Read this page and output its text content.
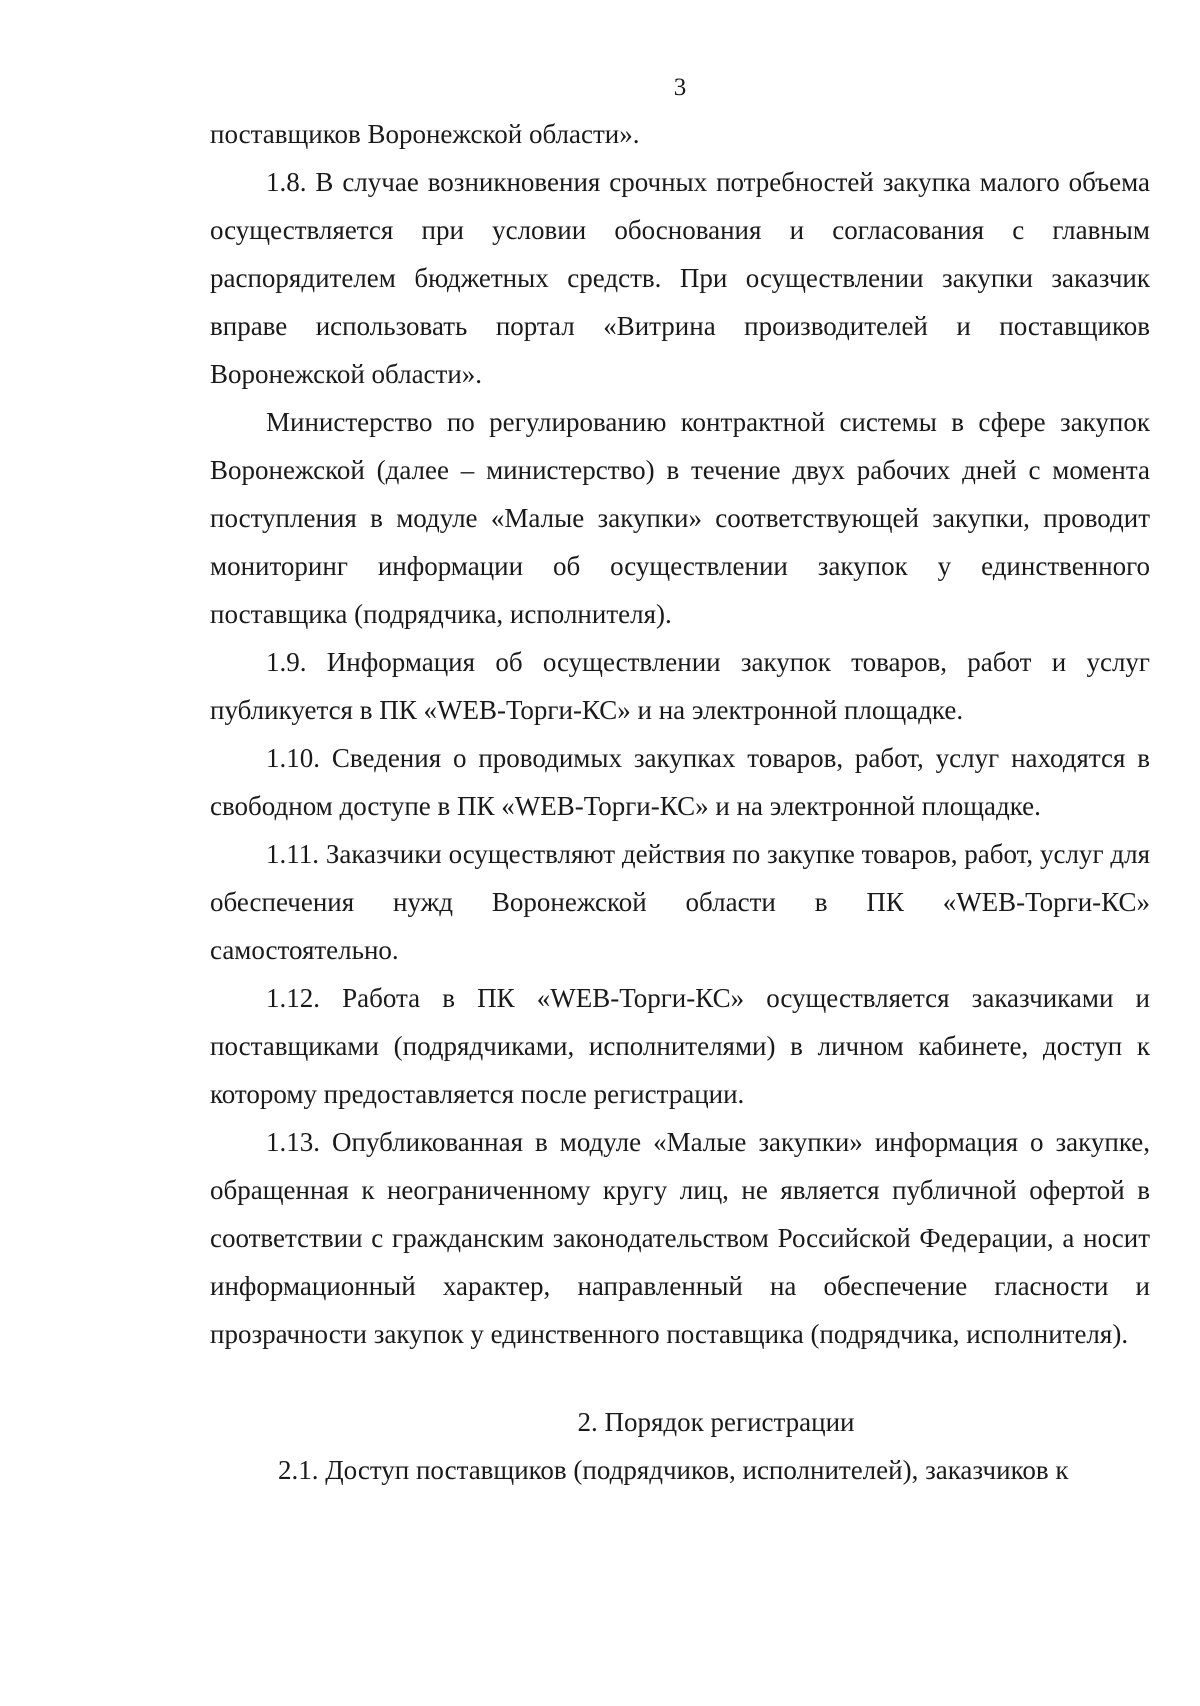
3

поставщиков Воронежской области».

1.8. В случае возникновения срочных потребностей закупка малого объема осуществляется при условии обоснования и согласования с главным распорядителем бюджетных средств. При осуществлении закупки заказчик вправе использовать портал «Витрина производителей и поставщиков Воронежской области».

Министерство по регулированию контрактной системы в сфере закупок Воронежской (далее – министерство) в течение двух рабочих дней с момента поступления в модуле «Малые закупки» соответствующей закупки, проводит мониторинг информации об осуществлении закупок у единственного поставщика (подрядчика, исполнителя).

1.9. Информация об осуществлении закупок товаров, работ и услуг публикуется в ПК «WEB-Торги-КС» и на электронной площадке.

1.10. Сведения о проводимых закупках товаров, работ, услуг находятся в свободном доступе в ПК «WEB-Торги-КС» и на электронной площадке.

1.11. Заказчики осуществляют действия по закупке товаров, работ, услуг для обеспечения нужд Воронежской области в ПК «WEB-Торги-КС» самостоятельно.

1.12. Работа в ПК «WEB-Торги-КС» осуществляется заказчиками и поставщиками (подрядчиками, исполнителями) в личном кабинете, доступ к которому предоставляется после регистрации.

1.13. Опубликованная в модуле «Малые закупки» информация о закупке, обращенная к неограниченному кругу лиц, не является публичной офертой в соответствии с гражданским законодательством Российской Федерации, а носит информационный характер, направленный на обеспечение гласности и прозрачности закупок у единственного поставщика (подрядчика, исполнителя).

2. Порядок регистрации

2.1. Доступ поставщиков (подрядчиков, исполнителей), заказчиков к
